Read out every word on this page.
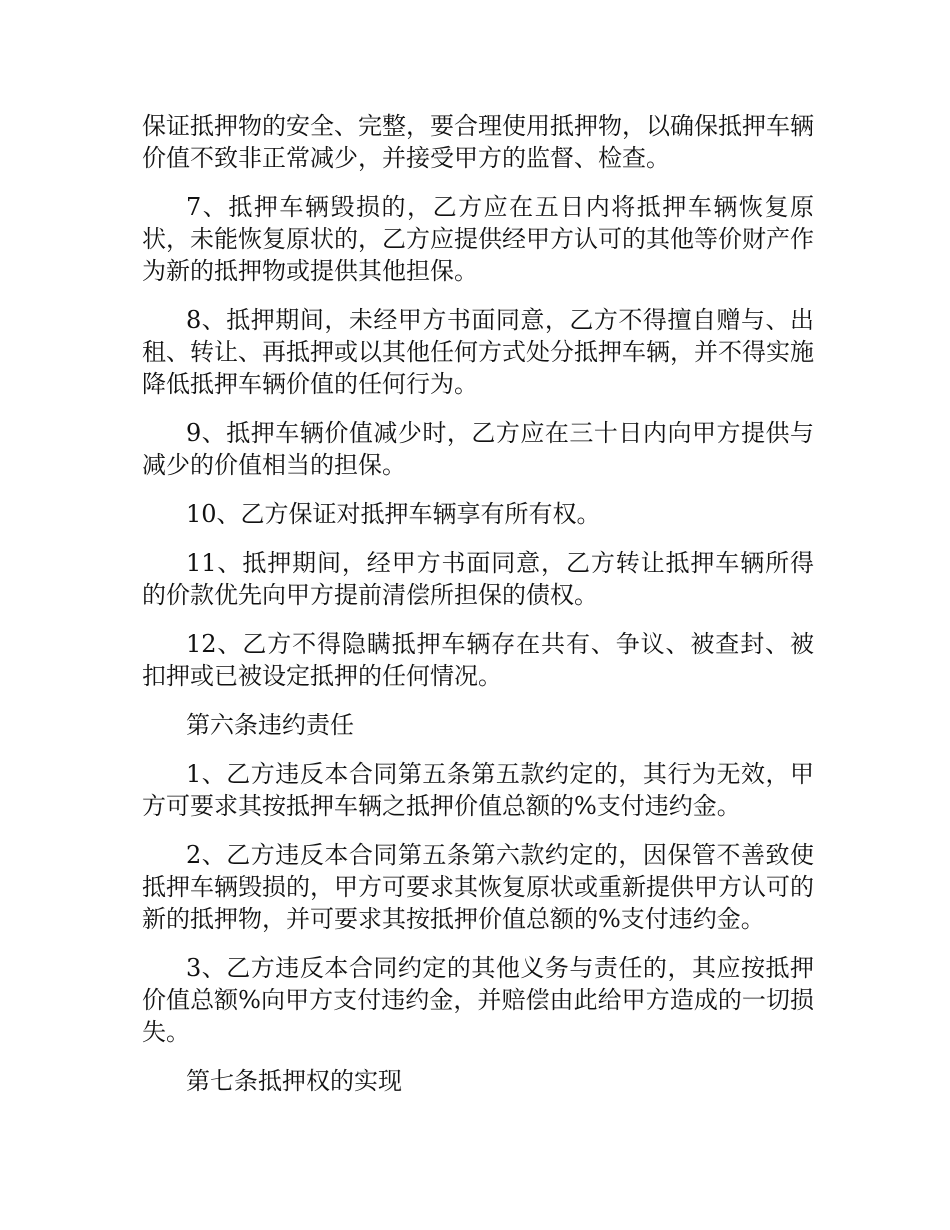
保证抵押物的安全、完整，要合理使用抵押物，以确保抵押车辆价值不致非正常减少，并接受甲方的监督、检查。

7、抵押车辆毁损的，乙方应在五日内将抵押车辆恢复原状，未能恢复原状的，乙方应提供经甲方认可的其他等价财产作为新的抵押物或提供其他担保。

8、抵押期间，未经甲方书面同意，乙方不得擅自赠与、出租、转让、再抵押或以其他任何方式处分抵押车辆，并不得实施降低抵押车辆价值的任何行为。

9、抵押车辆价值减少时，乙方应在三十日内向甲方提供与减少的价值相当的担保。

10、乙方保证对抵押车辆享有所有权。

11、抵押期间，经甲方书面同意，乙方转让抵押车辆所得的价款优先向甲方提前清偿所担保的债权。

12、乙方不得隐瞒抵押车辆存在共有、争议、被查封、被扣押或已被设定抵押的任何情况。

第六条违约责任

1、乙方违反本合同第五条第五款约定的，其行为无效，甲方可要求其按抵押车辆之抵押价值总额的%支付违约金。

2、乙方违反本合同第五条第六款约定的，因保管不善致使抵押车辆毁损的，甲方可要求其恢复原状或重新提供甲方认可的新的抵押物，并可要求其按抵押价值总额的%支付违约金。

3、乙方违反本合同约定的其他义务与责任的，其应按抵押价值总额%向甲方支付违约金，并赔偿由此给甲方造成的一切损失。

第七条抵押权的实现
